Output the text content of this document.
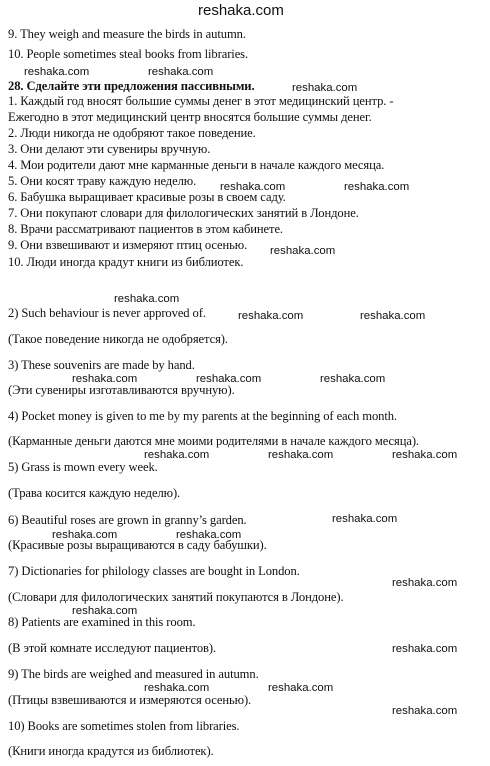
reshaka.com
9. They weigh and measure the birds in autumn.
10. People sometimes steal books from libraries.
reshaka.com	reshaka.com
28. Сделайте эти предложения пассивными.	reshaka.com
1. Каждый год вносят большие суммы денег в этот медицинский центр. -
Ежегодно в этот медицинский центр вносятся большие суммы денег.
2. Люди никогда не одобряют такое поведение.
3. Они делают эти сувениры вручную.
4. Мои родители дают мне карманные деньги в начале каждого месяца.
5. Они косят траву каждую неделю. reshaka.com	reshaka.com
6. Бабушка выращивает красивые розы в своем саду.
7. Они покупают словари для филологических занятий в Лондоне.
8. Врачи рассматривают пациентов в этом кабинете.
9. Они взвешивают и измеряют птиц осенью. reshaka.com
10. Люди иногда крадут книги из библиотек.
reshaka.com
2) Such behaviour is never approved of.	reshaka.com	reshaka.com
(Такое поведение никогда не одобряется).
3) These souvenirs are made by hand.
reshaka.com	reshaka.com	reshaka.com
(Эти сувениры изготавливаются вручную).
4) Pocket money is given to me by my parents at the beginning of each month.
(Карманные деньги даются мне моими родителями в начале каждого месяца).
reshaka.com	reshaka.com	reshaka.com
5) Grass is mown every week.
(Трава косится каждую неделю).
reshaka.com
6) Beautiful roses are grown in granny’s garden.
reshaka.com	reshaka.com
(Красивые розы выращиваются в саду бабушки).
7) Dictionaries for philology classes are bought in London.
reshaka.com
(Словари для филологических занятий покупаются в Лондоне).
reshaka.com
8) Patients are examined in this room.
reshaka.com
(В этой комнате исследуют пациентов).
9) The birds are weighed and measured in autumn.
reshaka.com	reshaka.com
(Птицы взвешиваются и измеряются осенью).
reshaka.com
10) Books are sometimes stolen from libraries.
(Книги иногда крадутся из библиотек).
